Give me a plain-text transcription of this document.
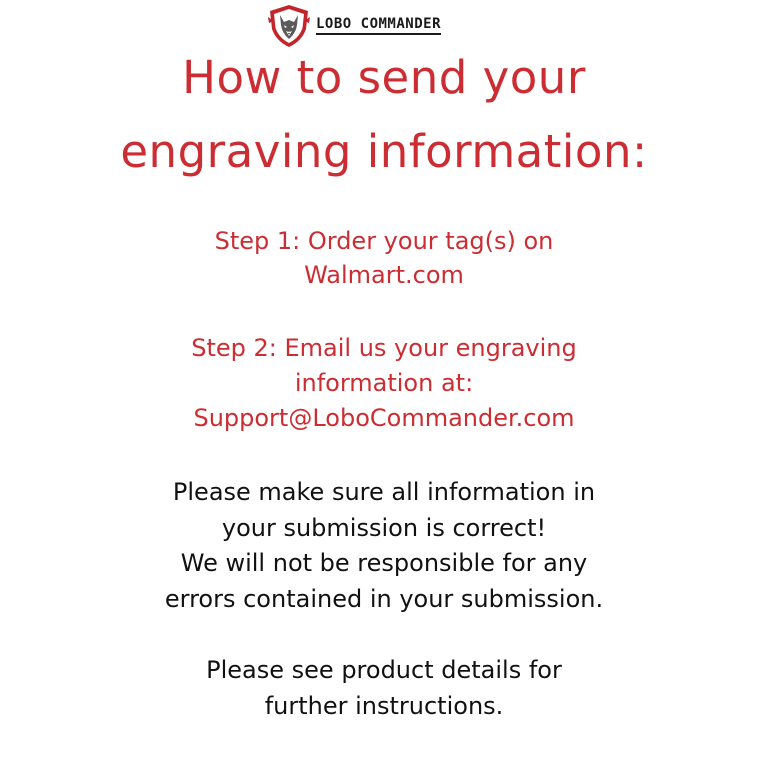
LOBO COMMANDER
How to send your
engraving information:
Step 1: Order your tag(s) on
Walmart.com
Step 2: Email us your engraving
information at:
Support@LoboCommander.com
Please make sure all information in
your submission is correct!
We will not be responsible for any
errors contained in your submission.
Please see product details for
further instructions.
